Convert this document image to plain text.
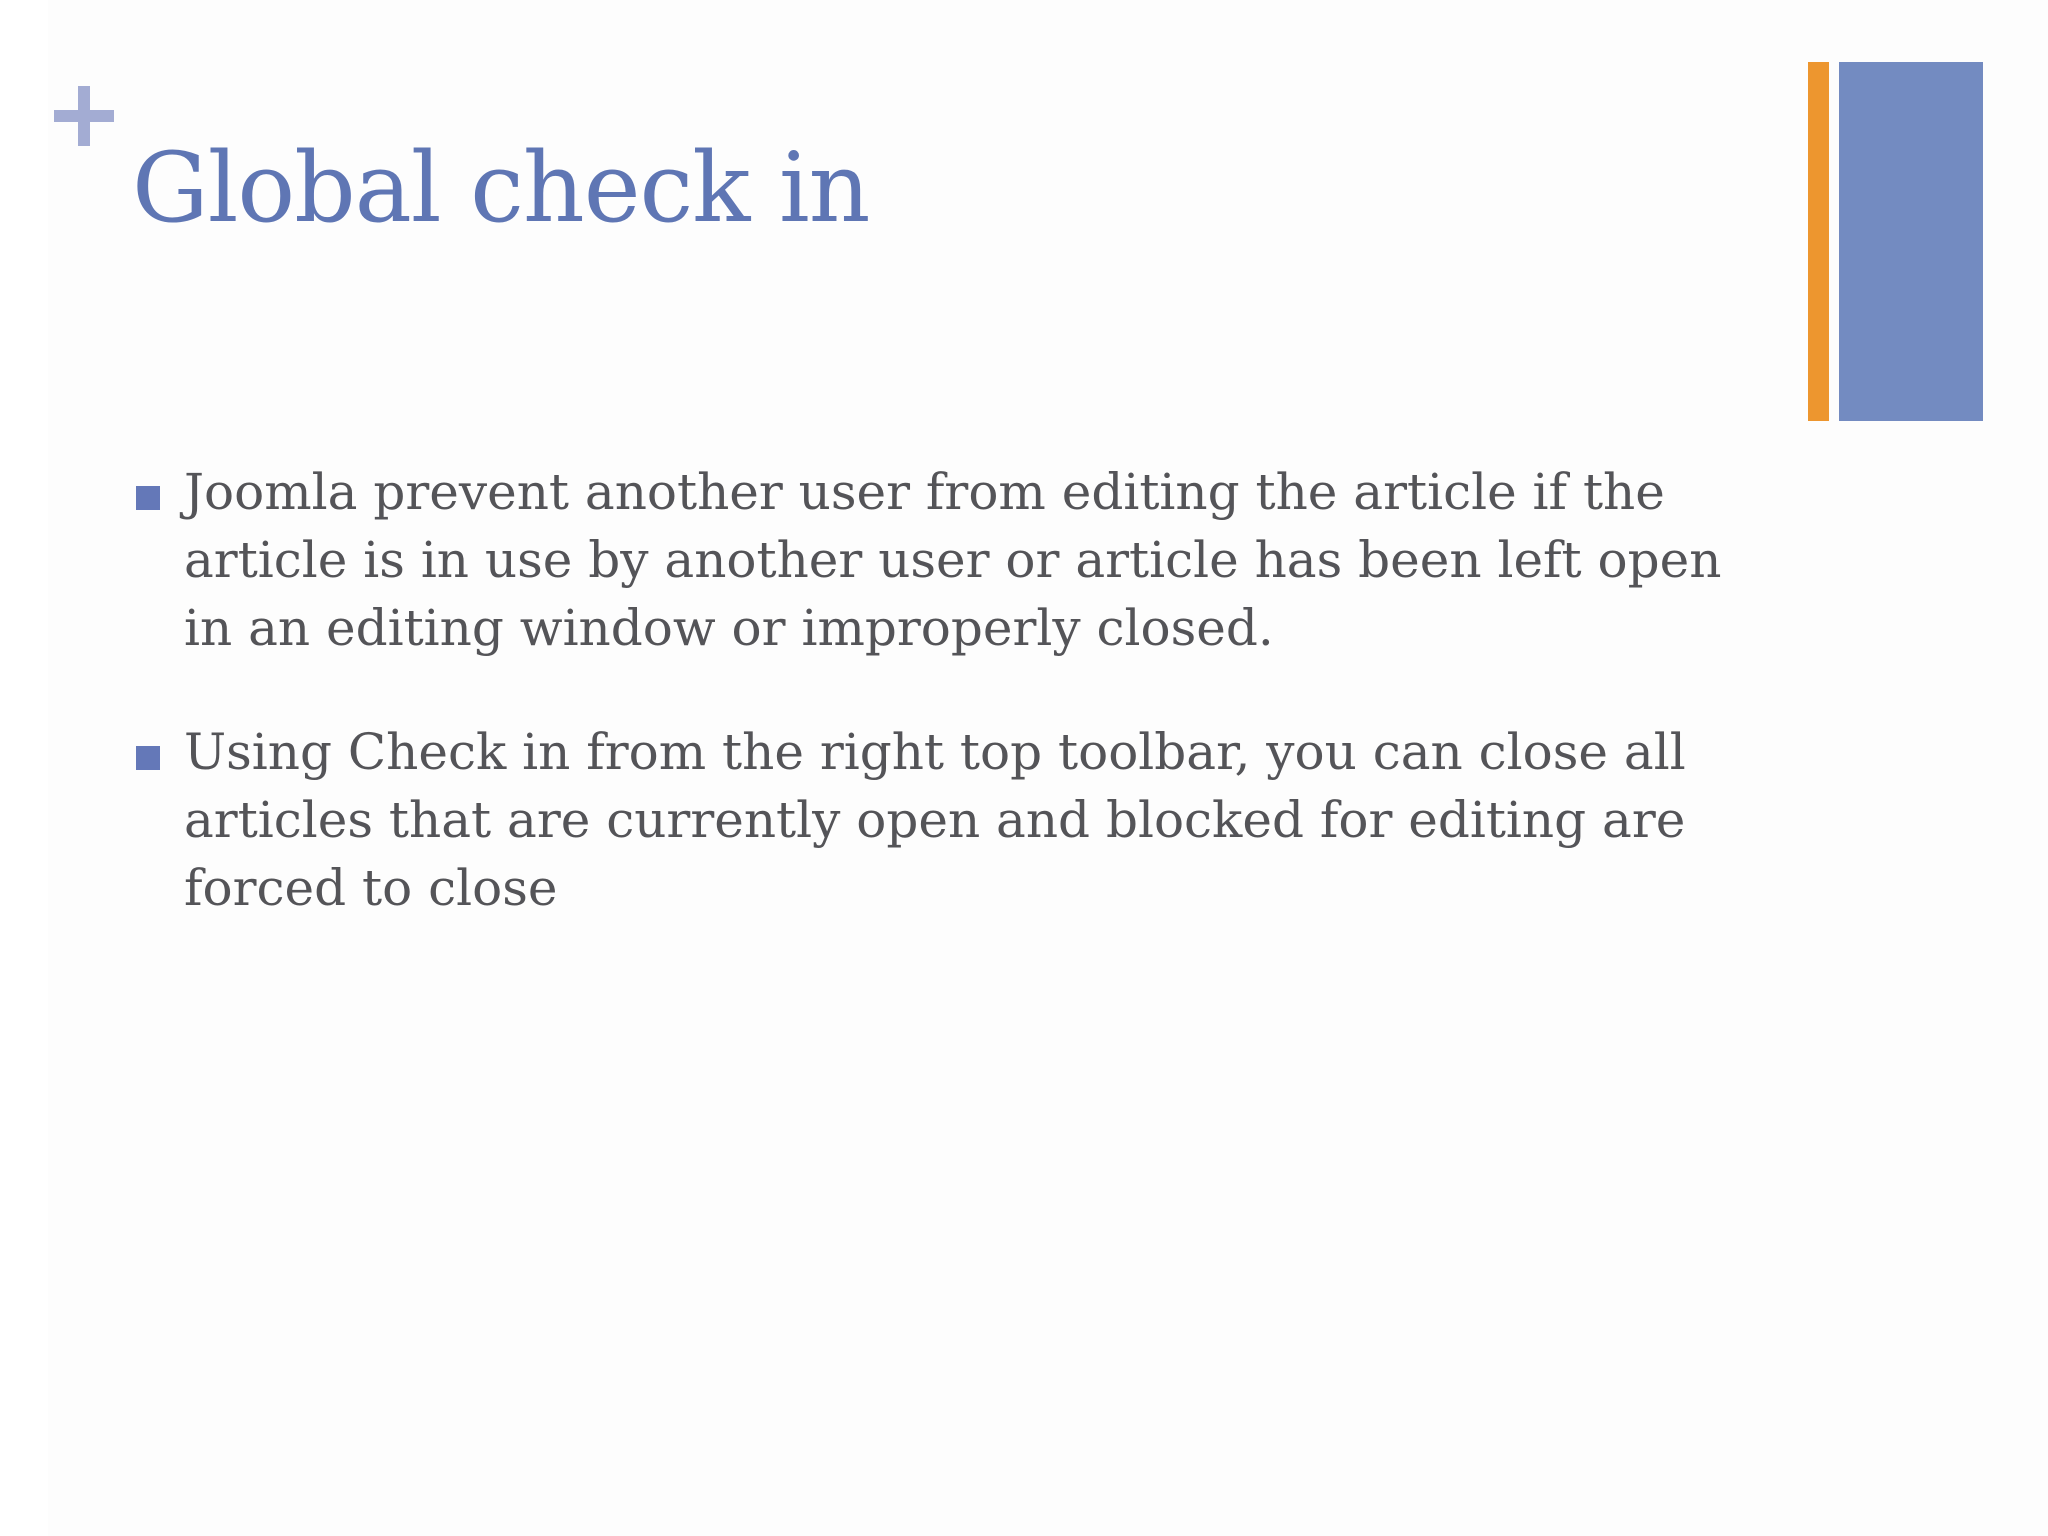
Global check in
Joomla prevent another user from editing the article if the article is in use by another user or article has been left open in an editing window or improperly closed.
Using Check in from the right top toolbar, you can close all articles that are currently open and blocked for editing are forced to close
